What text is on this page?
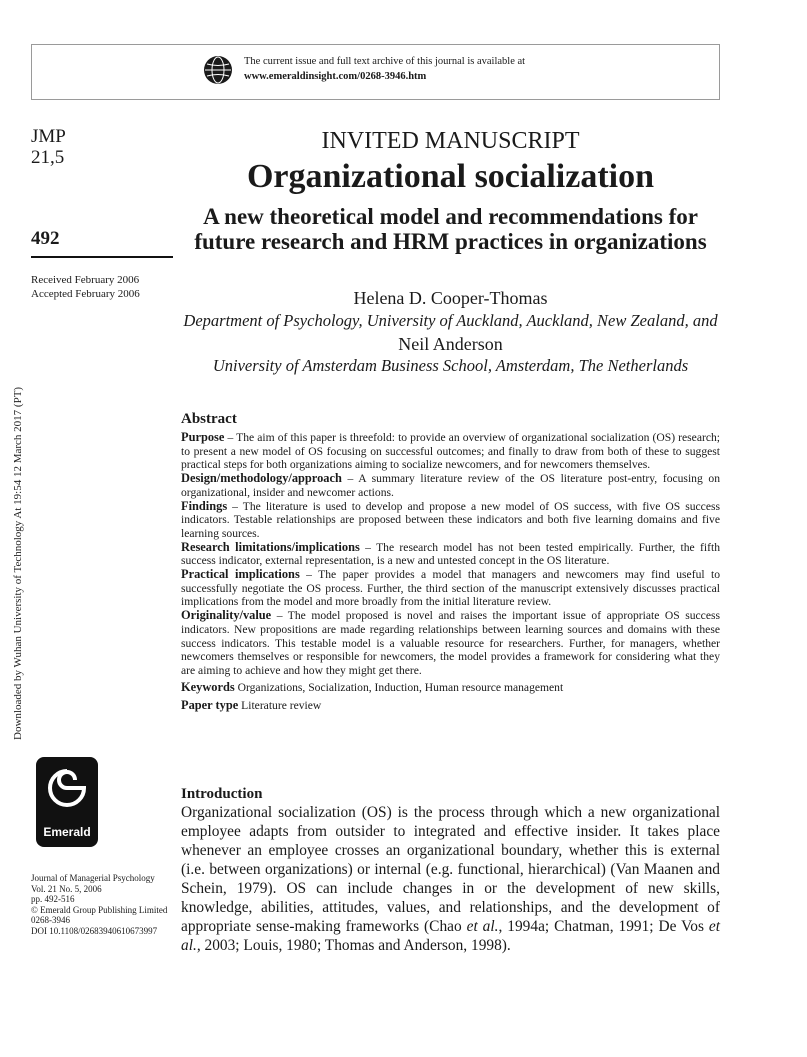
The current issue and full text archive of this journal is available at
www.emeraldinsight.com/0268-3946.htm
Downloaded by Wuhan University of Technology At 19:54 12 March 2017 (PT)
JMP
21,5
492
Received February 2006
Accepted February 2006
Emerald
Journal of Managerial Psychology
Vol. 21 No. 5, 2006
pp. 492-516
© Emerald Group Publishing Limited
0268-3946
DOI 10.1108/02683940610673997
INVITED MANUSCRIPT
Organizational socialization
A new theoretical model and recommendations for future research and HRM practices in organizations
Helena D. Cooper-Thomas
Department of Psychology, University of Auckland, Auckland, New Zealand, and
Neil Anderson
University of Amsterdam Business School, Amsterdam, The Netherlands
Abstract

Purpose – The aim of this paper is threefold: to provide an overview of organizational socialization (OS) research; to present a new model of OS focusing on successful outcomes; and finally to draw from both of these to suggest practical steps for both organizations aiming to socialize newcomers, and for newcomers themselves.

Design/methodology/approach – A summary literature review of the OS literature post-entry, focusing on organizational, insider and newcomer actions.

Findings – The literature is used to develop and propose a new model of OS success, with five OS success indicators. Testable relationships are proposed between these indicators and both five learning domains and five learning sources.

Research limitations/implications – The research model has not been tested empirically. Further, the fifth success indicator, external representation, is a new and untested concept in the OS literature.

Practical implications – The paper provides a model that managers and newcomers may find useful to successfully negotiate the OS process. Further, the third section of the manuscript extensively discusses practical implications from the model and more broadly from the initial literature review.

Originality/value – The model proposed is novel and raises the important issue of appropriate OS success indicators. New propositions are made regarding relationships between learning sources and domains with these success indicators. This testable model is a valuable resource for researchers. Further, for managers, whether newcomers themselves or responsible for newcomers, the model provides a framework for considering what they are aiming to achieve and how they might get there.

Keywords Organizations, Socialization, Induction, Human resource management

Paper type Literature review

Introduction
Organizational socialization (OS) is the process through which a new organizational employee adapts from outsider to integrated and effective insider. It takes place whenever an employee crosses an organizational boundary, whether this is external (i.e. between organizations) or internal (e.g. functional, hierarchical) (Van Maanen and Schein, 1979). OS can include changes in or the development of new skills, knowledge, abilities, attitudes, values, and relationships, and the development of appropriate sense-making frameworks (Chao et al., 1994a; Chatman, 1991; De Vos et al., 2003; Louis, 1980; Thomas and Anderson, 1998).
